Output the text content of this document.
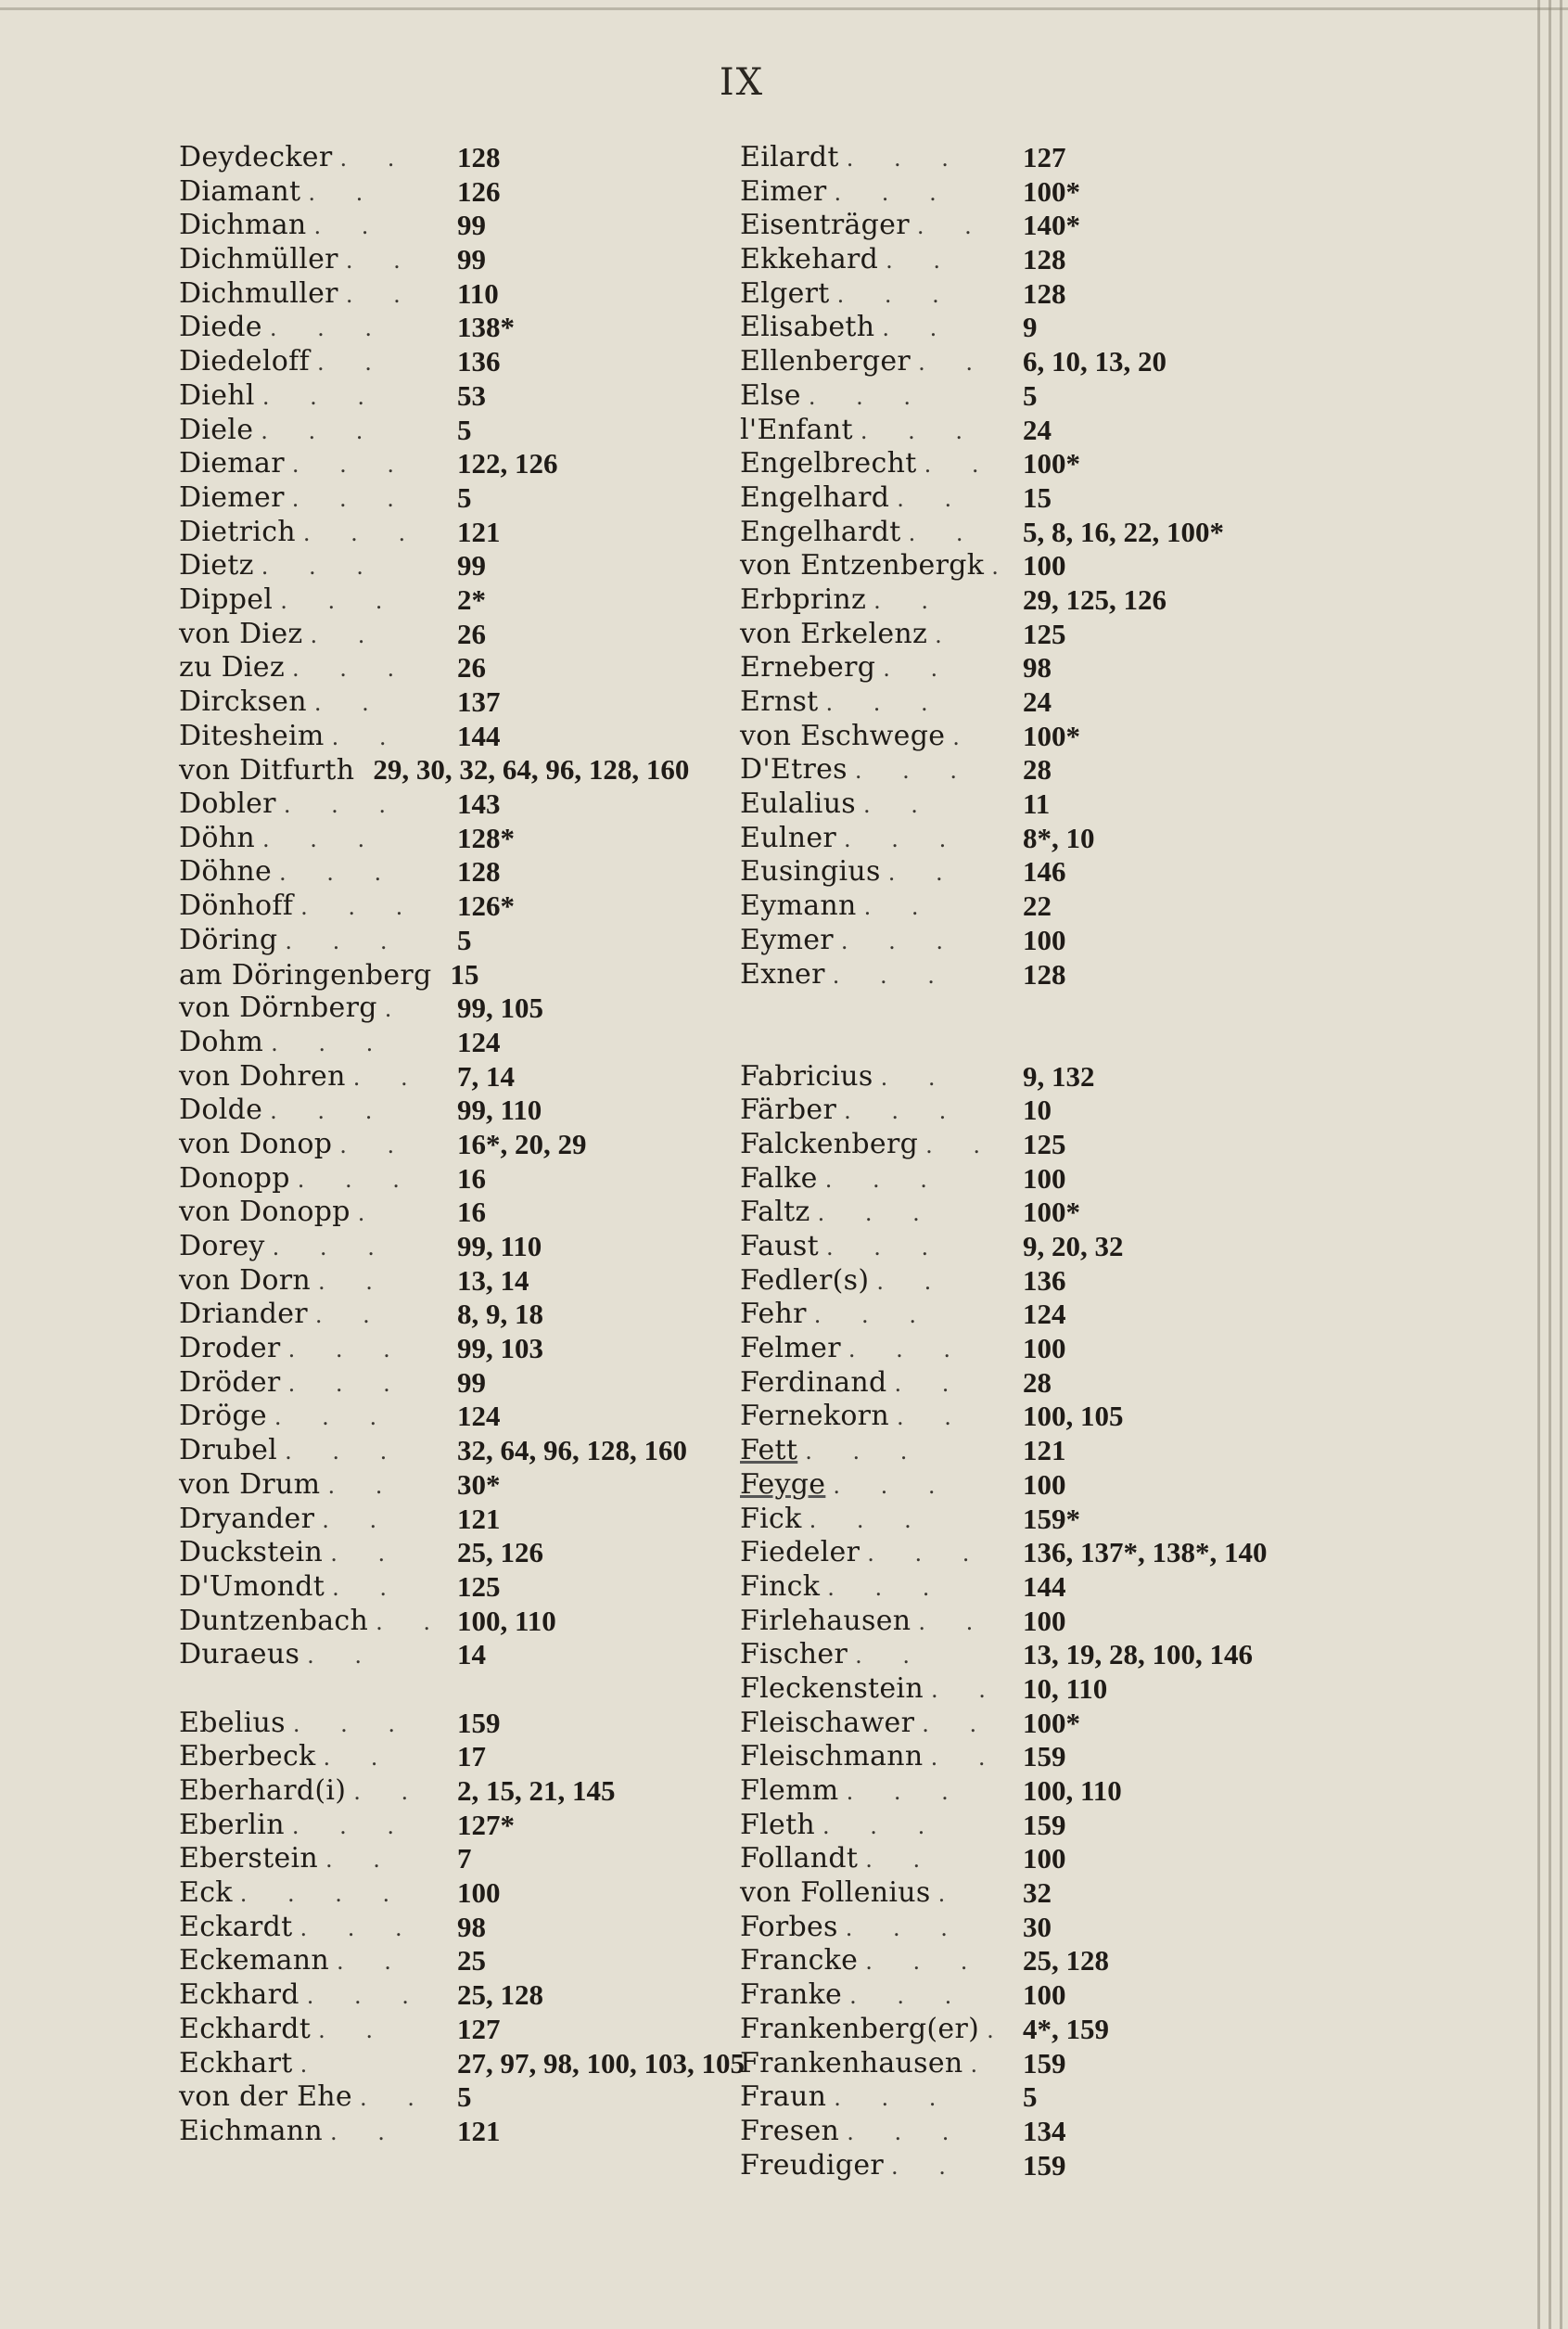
IX
Deydecker . . 128
Diamant . .	126
Dichman . .	99
Dichmüller . . 99
Dichmuller . . 110
Diede . . . 138*
Diedeloff . . 136
Diehl . . .	53
Diele . . .	5
Diemar . . . 122, 126
Diemer . . . 5
Dietrich . . . 121
Dietz . . .	99
Dippel . . . 2*
von Diez . .	26
zu Diez . . . 26
Dircksen . . 137
Ditesheim . . 144
von Ditfurth 29, 30, 32, 64, 96, 128, 160
Dobler . . . 143
Döhn . . .	128*
Döhne . . . 128
Dönhoff . . . 126*
Döring . . . 5
am Döringenberg 15
von Dörnberg . 99, 105
Dohm . . . 124
von Dohren . . 7, 14
Dolde . . . 99, 110
von Donop . . 16*, 20, 29
Donopp . . . 16
von Donopp .	16
Dorey . . . 99, 110
von Dorn . . 13, 14
Driander . . 8, 9, 18
Droder . . . 99, 103
Dröder . . . 99
Dröge . . . 124
Drubel . . . 32, 64, 96, 128, 160
von Drum . . 30*
Dryander . . 121
Duckstein . . 25, 126
D'Umondt . . 125
Duntzenbach . . 100, 110
Duraeus . .	14
Ebelius . . . 159
Eberbeck . . 17
Eberhard(i) . . 2, 15, 21, 145
Eberlin . . . 127*
Eberstein . . 7
Eck . . . . 100
Eckardt . . . 98
Eckemann . . 25
Eckhard . . . 25, 128
Eckhardt . . 127
Eckhart .	27, 97, 98, 100, 103, 105
von der Ehe . . 5
Eichmann . . 121
Eilardt . . . 127
Eimer . . . 100*
Eisenträger . . 140*
Ekkehard . . 128
Elgert . . . 128
Elisabeth . . 9
Ellenberger . . 6, 10, 13, 20
Else . . .	5
l'Enfant . . . 24
Engelbrecht . . 100*
Engelhard . . 15
Engelhardt . . 5, 8, 16, 22, 100*
von Entzenbergk . 100
Erbprinz . .	29, 125, 126
von Erkelenz . 125
Erneberg . . 98
Ernst . . .	24
von Eschwege . 100*
D'Etres . . . 28
Eulalius . .	11
Eulner . . . 8*, 10
Eusingius . . 146
Eymann . .	22
Eymer . . . 100
Exner . . . 128
Fabricius . . 9, 132
Färber . . . 10
Falckenberg . . 125
Falke . . .	100
Faltz . . .	100*
Faust . . .	9, 20, 32
Fedler(s) . .	136
Fehr . . .	124
Felmer . . . 100
Ferdinand . . 28
Fernekorn . . 100, 105
Fett . . .	121
Feyge . . . 100
Fick . . .	159*
Fiedeler . . . 136, 137*, 138*, 140
Finck . . .	144
Firlehausen . . 100
Fischer . .	13, 19, 28, 100, 146
Fleckenstein . . 10, 110
Fleischawer . . 100*
Fleischmann . . 159
Flemm . . . 100, 110
Fleth . . .	159
Follandt . .	100
von Follenius . 32
Forbes . . . 30
Francke . . . 25, 128
Franke . . . 100
Frankenberg(er) . 4*, 159
Frankenhausen . 159
Fraun . . . 5
Fresen . . . 134
Freudiger . . 159
